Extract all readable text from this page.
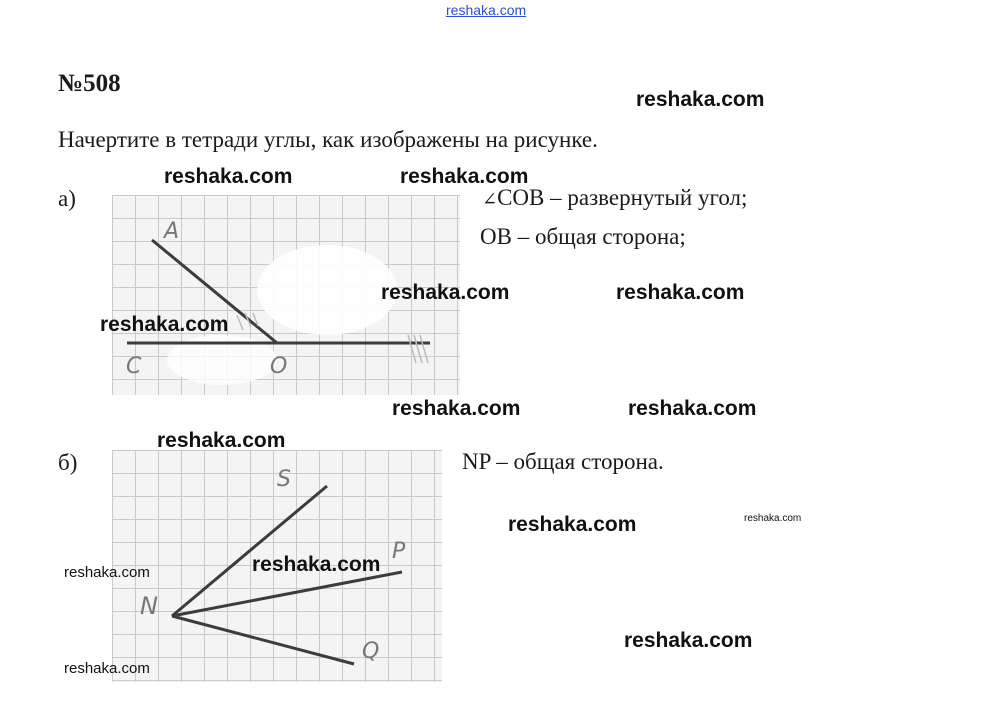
reshaka.com
№508
Начертите в тетради углы, как изображены на рисунке.
а)
A
C	O
∠COB – развернутый угол;
OB – общая сторона;
б)
S
P
N
Q
NP – общая сторона.
reshaka.com
reshaka.com	reshaka.com
reshaka.com	reshaka.com
reshaka.com
reshaka.com	reshaka.com
reshaka.com
reshaka.com	reshaka.com
reshaka.com	reshaka.com
reshaka.com
reshaka.com
